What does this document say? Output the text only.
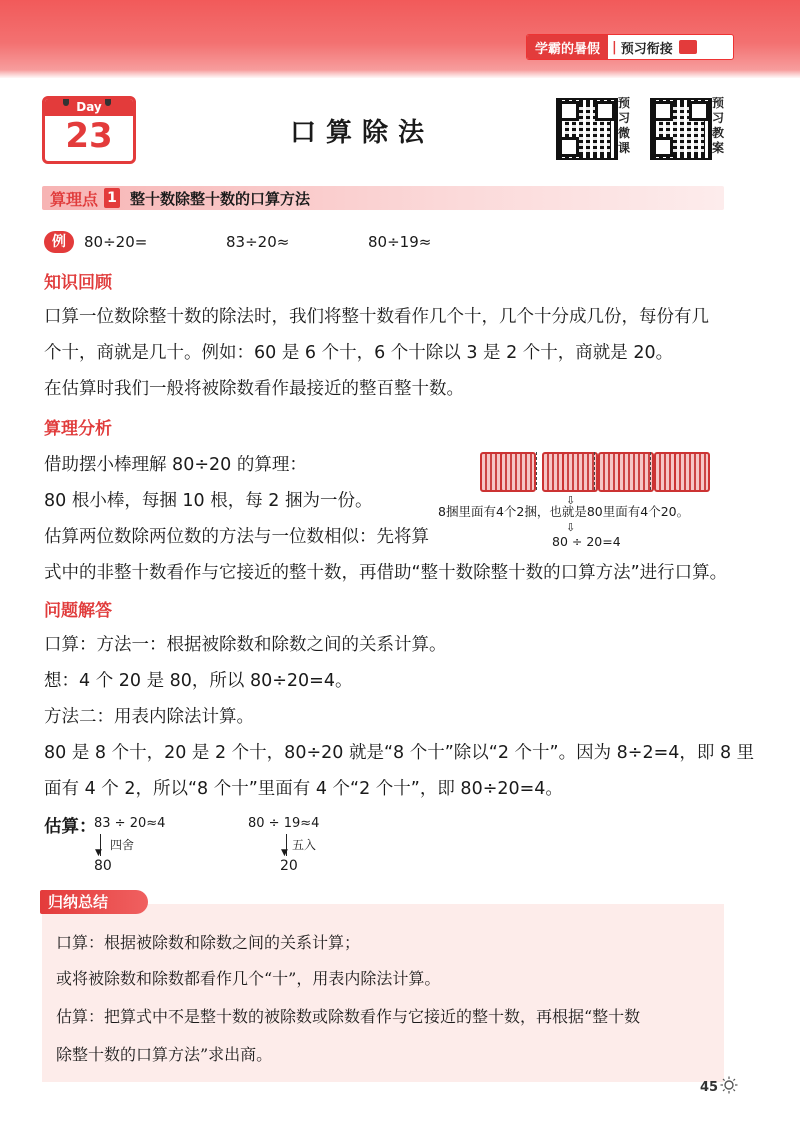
学霸的暑假 | 预习衔接
Day
23	口算除法
预
习
微
课
预
习
教
案
算理点 1 整十数除整十数的口算方法
例	80÷20=	83÷20≈	80÷19≈
知识回顾
口算一位数除整十数的除法时，我们将整十数看作几个十，几个十分成几份，每份有几
个十，商就是几十。例如：60 是 6 个十，6 个十除以 3 是 2 个十，商就是 20。
在估算时我们一般将被除数看作最接近的整百整十数。
算理分析
借助摆小棒理解 80÷20 的算理：
80 根小棒，每捆 10 根，每 2 捆为一份。
估算两位数除两位数的方法与一位数相似：先将算
式中的非整十数看作与它接近的整十数，再借助“整十数除整十数的口算方法”进行口算。
8捆里面有4个2捆，也就是80里面有4个20。
⇩
⇩
80 ÷ 20=4
问题解答
口算：方法一：根据被除数和除数之间的关系计算。
想：4 个 20 是 80，所以 80÷20=4。
方法二：用表内除法计算。
80 是 8 个十，20 是 2 个十，80÷20 就是“8 个十”除以“2 个十”。因为 8÷2=4，即 8 里
面有 4 个 2，所以“8 个十”里面有 4 个“2 个十”，即 80÷20=4。
估算：
83 ÷ 20≈4
▼
四舍
80
80 ÷ 19≈4
▼
五入
20
归纳总结
口算：根据被除数和除数之间的关系计算；
或将被除数和除数都看作几个“十”，用表内除法计算。
估算：把算式中不是整十数的被除数或除数看作与它接近的整十数，再根据“整十数
除整十数的口算方法”求出商。
45
